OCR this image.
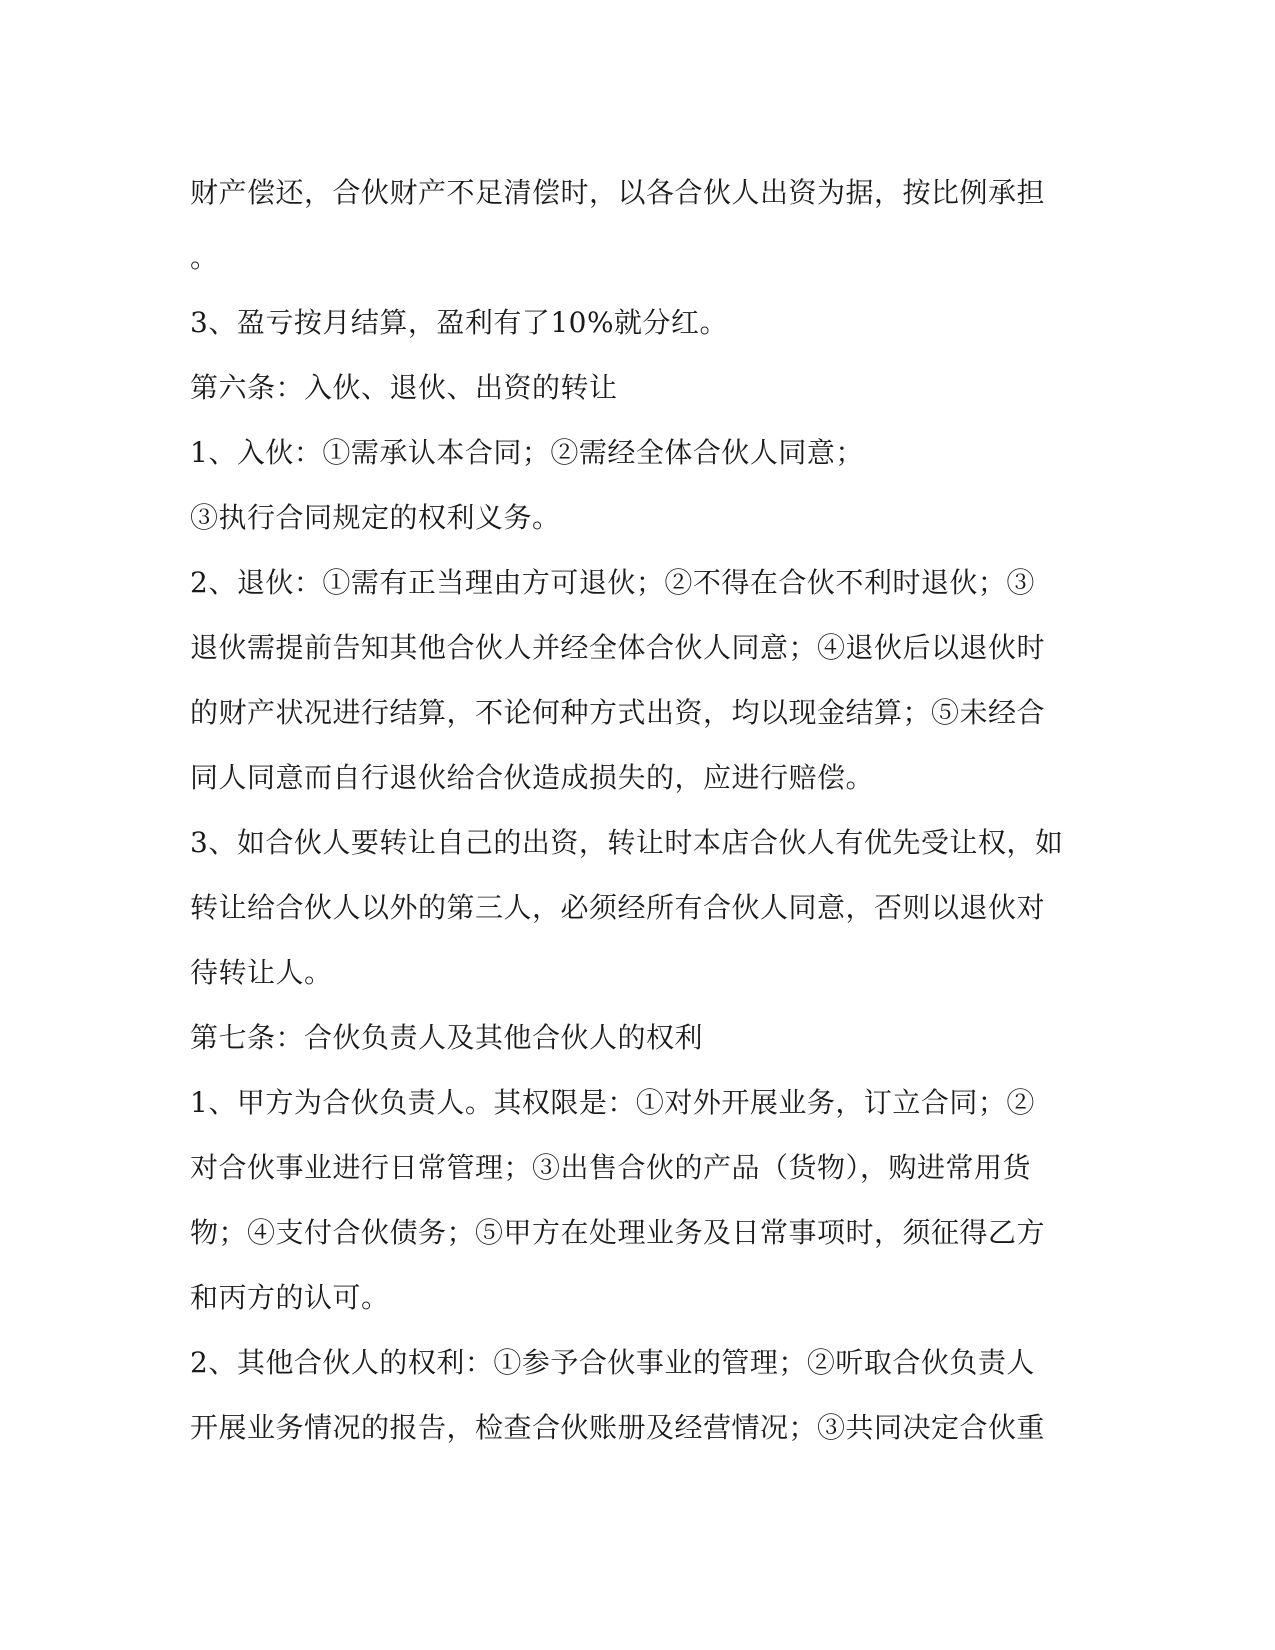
财产偿还，合伙财产不足清偿时，以各合伙人出资为据，按比例承担
。
3、盈亏按月结算，盈利有了10%就分红。
第六条：入伙、退伙、出资的转让
1、入伙：①需承认本合同；②需经全体合伙人同意；
③执行合同规定的权利义务。
2、退伙：①需有正当理由方可退伙；②不得在合伙不利时退伙；③
退伙需提前告知其他合伙人并经全体合伙人同意；④退伙后以退伙时
的财产状况进行结算，不论何种方式出资，均以现金结算；⑤未经合
同人同意而自行退伙给合伙造成损失的，应进行赔偿。
3、如合伙人要转让自己的出资，转让时本店合伙人有优先受让权，如
转让给合伙人以外的第三人，必须经所有合伙人同意，否则以退伙对
待转让人。
第七条：合伙负责人及其他合伙人的权利
1、甲方为合伙负责人。其权限是：①对外开展业务，订立合同；②
对合伙事业进行日常管理；③出售合伙的产品（货物），购进常用货
物；④支付合伙债务；⑤甲方在处理业务及日常事项时，须征得乙方
和丙方的认可。
2、其他合伙人的权利：①参予合伙事业的管理；②听取合伙负责人
开展业务情况的报告，检查合伙账册及经营情况；③共同决定合伙重
